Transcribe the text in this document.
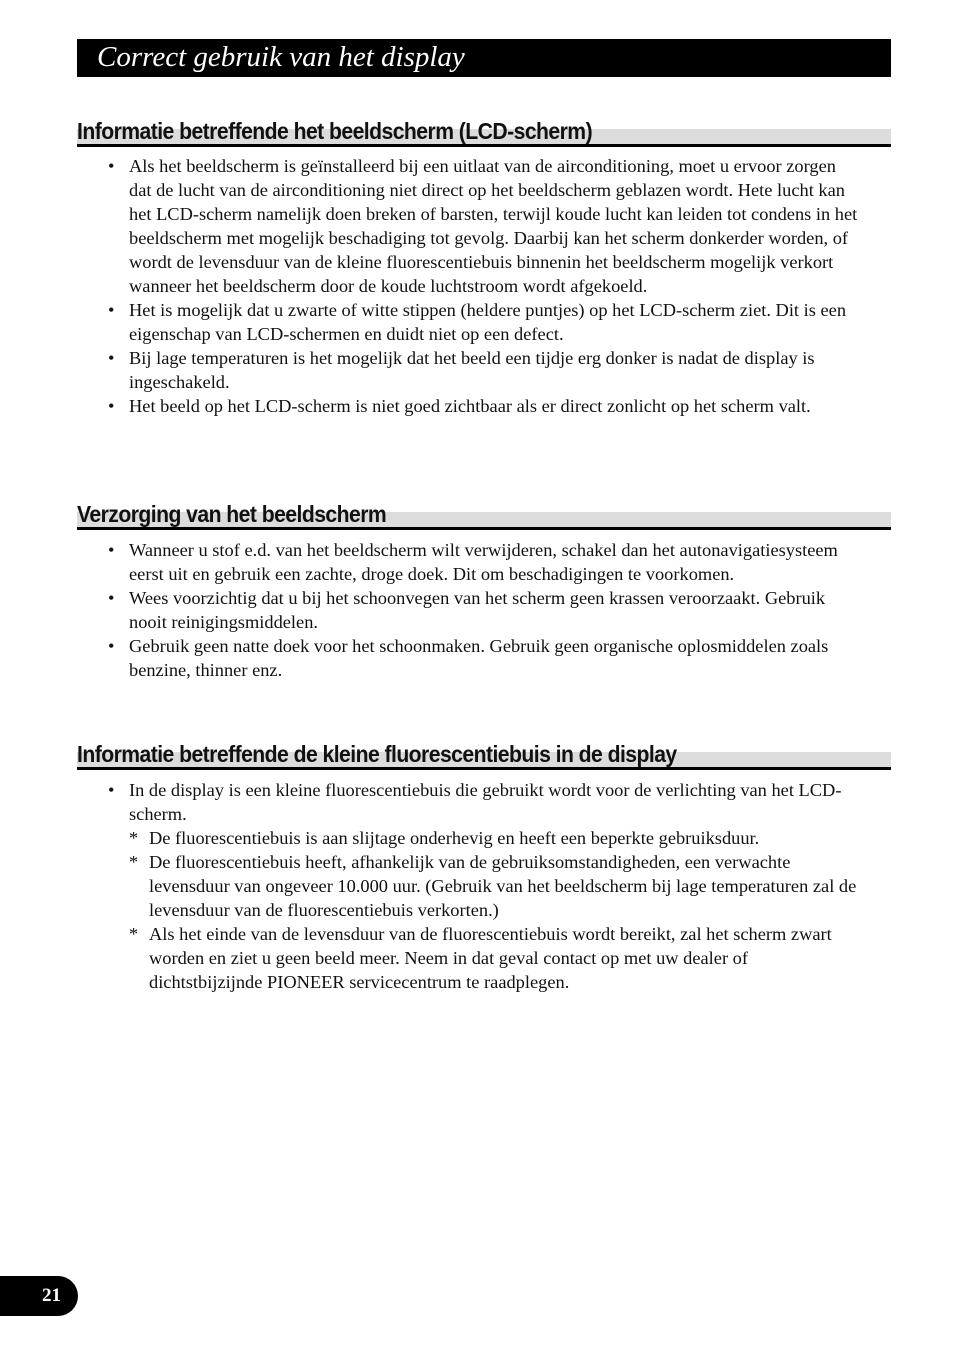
Correct gebruik van het display
Informatie betreffende het beeldscherm (LCD-scherm)
• Als het beeldscherm is geïnstalleerd bij een uitlaat van de airconditioning, moet u ervoor zorgen dat de lucht van de airconditioning niet direct op het beeldscherm geblazen wordt. Hete lucht kan het LCD-scherm namelijk doen breken of barsten, terwijl koude lucht kan leiden tot condens in het beeldscherm met mogelijk beschadiging tot gevolg. Daarbij kan het scherm donkerder worden, of wordt de levensduur van de kleine fluorescentiebuis binnenin het beeldscherm mogelijk verkort wanneer het beeldscherm door de koude luchtstroom wordt afgekoeld.
• Het is mogelijk dat u zwarte of witte stippen (heldere puntjes) op het LCD-scherm ziet. Dit is een eigenschap van LCD-schermen en duidt niet op een defect.
• Bij lage temperaturen is het mogelijk dat het beeld een tijdje erg donker is nadat de display is ingeschakeld.
• Het beeld op het LCD-scherm is niet goed zichtbaar als er direct zonlicht op het scherm valt.
Verzorging van het beeldscherm
• Wanneer u stof e.d. van het beeldscherm wilt verwijderen, schakel dan het autonavigatiesysteem eerst uit en gebruik een zachte, droge doek. Dit om beschadigingen te voorkomen.
• Wees voorzichtig dat u bij het schoonvegen van het scherm geen krassen veroorzaakt. Gebruik nooit reinigingsmiddelen.
• Gebruik geen natte doek voor het schoonmaken. Gebruik geen organische oplosmiddelen zoals benzine, thinner enz.
Informatie betreffende de kleine fluorescentiebuis in de display
• In de display is een kleine fluorescentiebuis die gebruikt wordt voor de verlichting van het LCD-scherm.
* De fluorescentiebuis is aan slijtage onderhevig en heeft een beperkte gebruiksduur.
* De fluorescentiebuis heeft, afhankelijk van de gebruiksomstandigheden, een verwachte levensduur van ongeveer 10.000 uur. (Gebruik van het beeldscherm bij lage temperaturen zal de levensduur van de fluorescentiebuis verkorten.)
* Als het einde van de levensduur van de fluorescentiebuis wordt bereikt, zal het scherm zwart worden en ziet u geen beeld meer. Neem in dat geval contact op met uw dealer of dichtstbijzijnde PIONEER servicecentrum te raadplegen.
21
